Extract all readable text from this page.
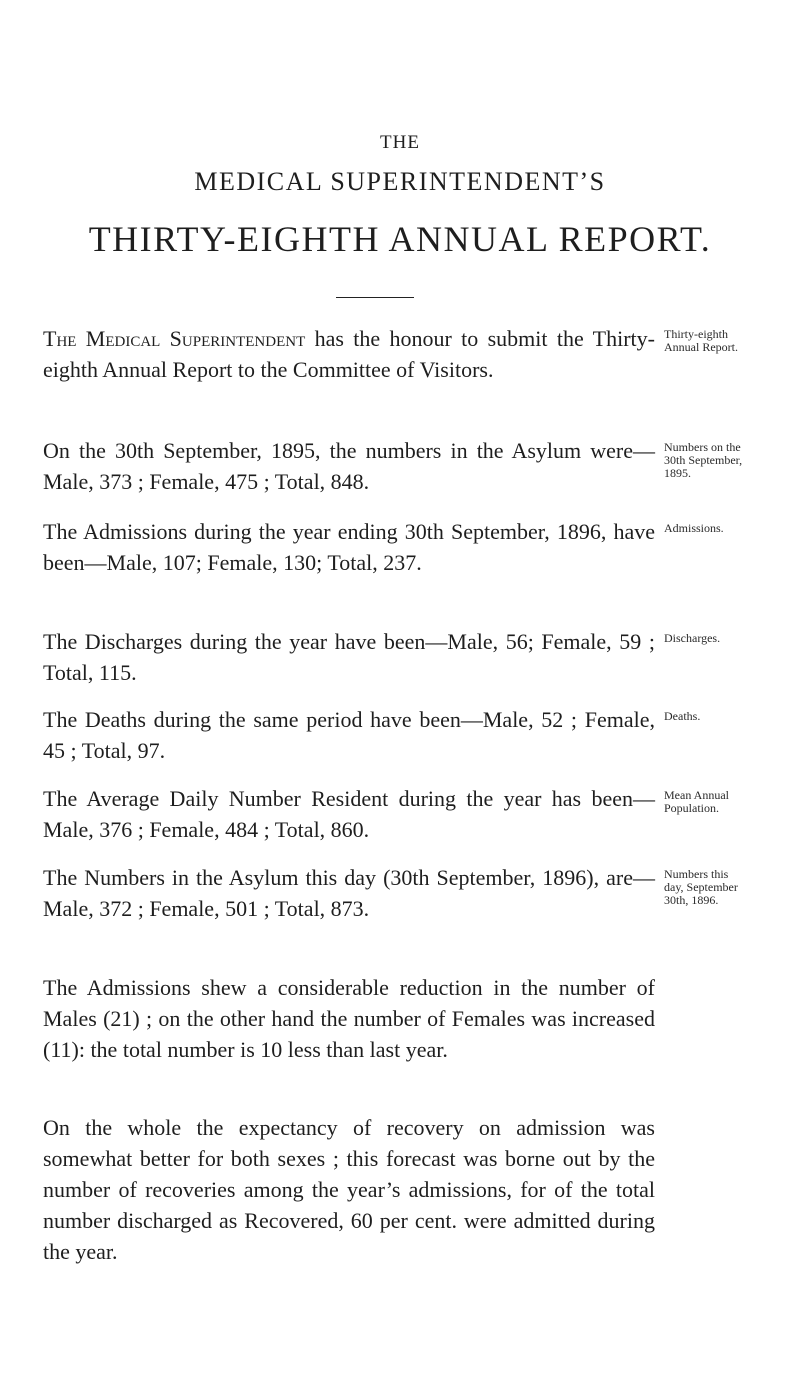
THE
MEDICAL SUPERINTENDENT’S
THIRTY-EIGHTH ANNUAL REPORT.
The Medical Superintendent has the honour to submit the Thirty-eighth Annual Report to the Committee of Visitors.
Thirty-eighth
Annual Report.
On the 30th September, 1895, the numbers in the Asylum were—Male, 373 ; Female, 475 ; Total, 848.
Numbers on the
30th September,
1895.
The Admissions during the year ending 30th September, 1896, have been—Male, 107; Female, 130; Total, 237.
Admissions.
The Discharges during the year have been—Male, 56; Female, 59 ; Total, 115.
Discharges.
The Deaths during the same period have been—Male, 52 ; Female, 45 ; Total, 97.
Deaths.
The Average Daily Number Resident during the year has been—Male, 376 ; Female, 484 ; Total, 860.
Mean Annual
Population.
The Numbers in the Asylum this day (30th September, 1896), are—Male, 372 ; Female, 501 ; Total, 873.
Numbers this
day, September
30th, 1896.
The Admissions shew a considerable reduction in the number of Males (21) ; on the other hand the number of Females was increased (11): the total number is 10 less than last year.
On the whole the expectancy of recovery on admission was somewhat better for both sexes ; this forecast was borne out by the number of recoveries among the year’s admissions, for of the total number discharged as Recovered, 60 per cent. were admitted during the year.
